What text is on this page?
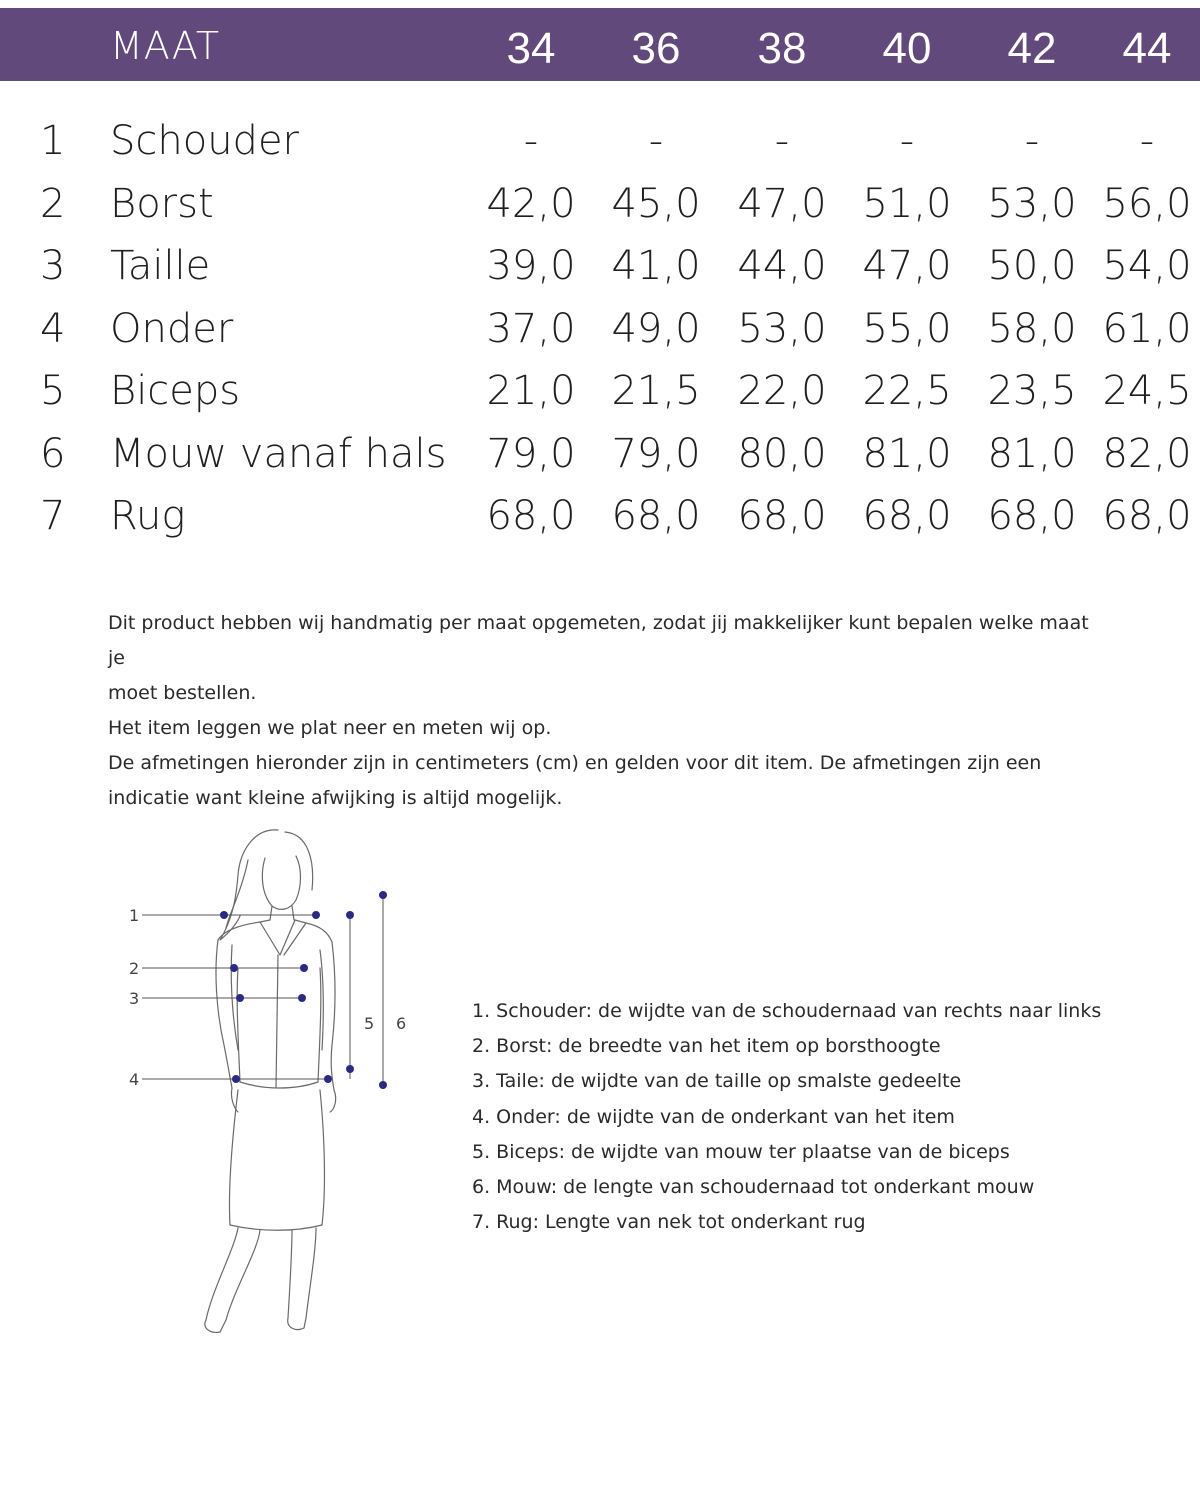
MAAT	34	36	38	40	42	44
1 Schouder	-	-	-	-	-	-
2 Borst	42,0 45,0 47,0 51,0 53,0 56,0
3 Taille	39,0 41,0 44,0 47,0 50,0 54,0
4 Onder	37,0 49,0 53,0 55,0 58,0 61,0
5 Biceps	21,0 21,5 22,0 22,5 23,5 24,5
6 Mouw vanaf hals	79,0 79,0 80,0 81,0 81,0 82,0
7 Rug	68,0 68,0 68,0 68,0 68,0 68,0

Dit product hebben wij handmatig per maat opgemeten, zodat jij makkelijker kunt bepalen welke maat je

moet bestellen.

Het item leggen we plat neer en meten wij op.

De afmetingen hieronder zijn in centimeters (cm) en gelden voor dit item. De afmetingen zijn een

indicatie want kleine afwijking is altijd mogelijk.

1
2
3
4
5 6

1. Schouder: de wijdte van de schoudernaad van rechts naar links

2. Borst: de breedte van het item op borsthoogte

3. Taile: de wijdte van de taille op smalste gedeelte

4. Onder: de wijdte van de onderkant van het item

5. Biceps: de wijdte van mouw ter plaatse van de biceps

6. Mouw: de lengte van schoudernaad tot onderkant mouw

7. Rug: Lengte van nek tot onderkant rug
